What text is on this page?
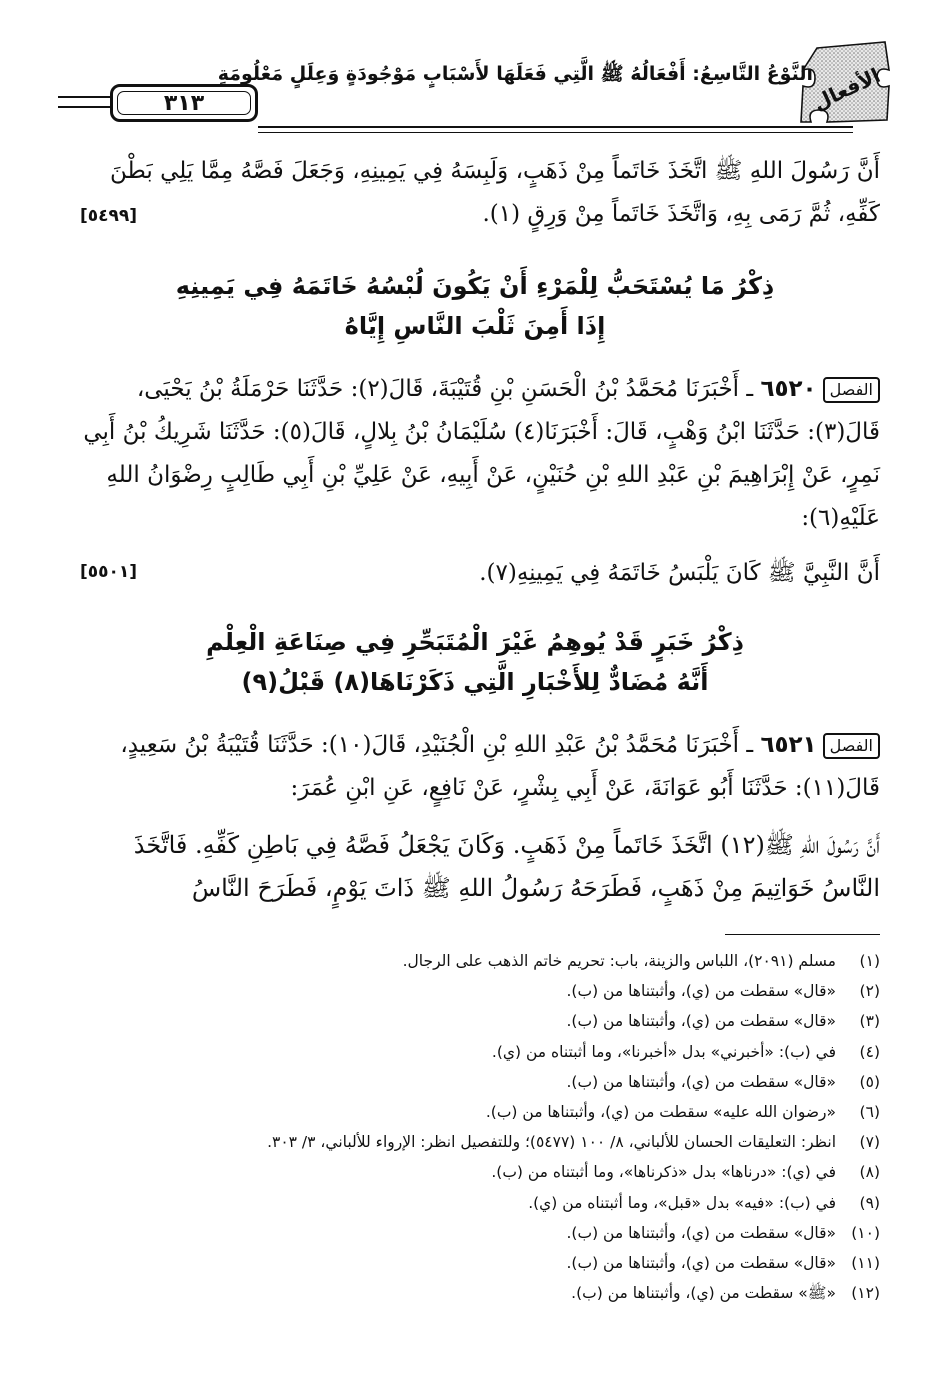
٣١٣
النَّوْعُ التَّاسِعُ: أَفْعَالُهُ ﷺ الَّتِي فَعَلَهَا لأَسْبَابٍ مَوْجُودَةٍ وَعِلَلٍ مَعْلُومَةٍ
الأفعال
أَنَّ رَسُولَ اللهِ ﷺ اتَّخَذَ خَاتَماً مِنْ ذَهَبٍ، وَلَبِسَهُ فِي يَمِينِهِ، وَجَعَلَ فَصَّهُ مِمَّا يَلِي بَطْنَ كَفِّهِ، ثُمَّ رَمَى بِهِ، وَاتَّخَذَ خَاتَماً مِنْ وَرِقٍ (١).
[٥٤٩٩]
ذِكْرُ مَا يُسْتَحَبُّ لِلْمَرْءِ أَنْ يَكُونَ لُبْسُهُ خَاتَمَهُ فِي يَمِينِهِ
إِذَا أَمِنَ ثَلْبَ النَّاسِ إِيَّاهُ
الفصل٦٥٢٠ ـ أَخْبَرَنَا مُحَمَّدُ بْنُ الْحَسَنِ بْنِ قُتَيْبَةَ، قَالَ(٢): حَدَّثَنَا حَرْمَلَةُ بْنُ يَحْيَى، قَالَ(٣): حَدَّثَنَا ابْنُ وَهْبٍ، قَالَ: أَخْبَرَنَا(٤) سُلَيْمَانُ بْنُ بِلالٍ، قَالَ(٥): حَدَّثَنَا شَرِيكُ بْنُ أَبِي نَمِرٍ، عَنْ إِبْرَاهِيمَ بْنِ عَبْدِ اللهِ بْنِ حُنَيْنٍ، عَنْ أَبِيهِ، عَنْ عَلِيِّ بْنِ أَبِي طَالِبٍ رِضْوَانُ اللهِ عَلَيْهِ(٦):
أَنَّ النَّبِيَّ ﷺ كَانَ يَلْبَسُ خَاتَمَهُ فِي يَمِينِهِ(٧).
[٥٥٠١]
ذِكْرُ خَبَرٍ قَدْ يُوهِمُ غَيْرَ الْمُتَبَحِّرِ فِي صِنَاعَةِ الْعِلْمِ
أَنَّهُ مُضَادٌّ لِلأَخْبَارِ الَّتِي ذَكَرْنَاهَا(٨) قَبْلُ(٩)
الفصل٦٥٢١ ـ أَخْبَرَنَا مُحَمَّدُ بْنُ عَبْدِ اللهِ بْنِ الْجُنَيْدِ، قَالَ(١٠): حَدَّثَنَا قُتَيْبَةُ بْنُ سَعِيدٍ، قَالَ(١١): حَدَّثَنَا أَبُو عَوَانَةَ، عَنْ أَبِي بِشْرٍ، عَنْ نَافِعٍ، عَنِ ابْنِ عُمَرَ:
أَنَّ رَسُولَ اللهِ ﷺ(١٢) اتَّخَذَ خَاتَماً مِنْ ذَهَبٍ. وَكَانَ يَجْعَلُ فَصَّهُ فِي بَاطِنِ كَفِّهِ. فَاتَّخَذَ النَّاسُ خَوَاتِيمَ مِنْ ذَهَبٍ، فَطَرَحَهُ رَسُولُ اللهِ ﷺ ذَاتَ يَوْمٍ، فَطَرَحَ النَّاسُ
(١)مسلم (٢٠٩١)، اللباس والزينة، باب: تحريم خاتم الذهب على الرجال.
(٢)«قال» سقطت من (ي)، وأثبتناها من (ب).
(٣)«قال» سقطت من (ي)، وأثبتناها من (ب).
(٤)في (ب): «أخبرني» بدل «أخبرنا»، وما أثبتناه من (ي).
(٥)«قال» سقطت من (ي)، وأثبتناها من (ب).
(٦)«رضوان الله عليه» سقطت من (ي)، وأثبتناها من (ب).
(٧)انظر: التعليقات الحسان للألباني، ٨/ ١٠٠ (٥٤٧٧)؛ وللتفصيل انظر: الإرواء للألباني، ٣/ ٣٠٣.
(٨)في (ي): «درناها» بدل «ذكرناها»، وما أثبتناه من (ب).
(٩)في (ب): «فيه» بدل «قبل»، وما أثبتناه من (ي).
(١٠)«قال» سقطت من (ي)، وأثبتناها من (ب).
(١١)«قال» سقطت من (ي)، وأثبتناها من (ب).
(١٢)«ﷺ» سقطت من (ي)، وأثبتناها من (ب).
